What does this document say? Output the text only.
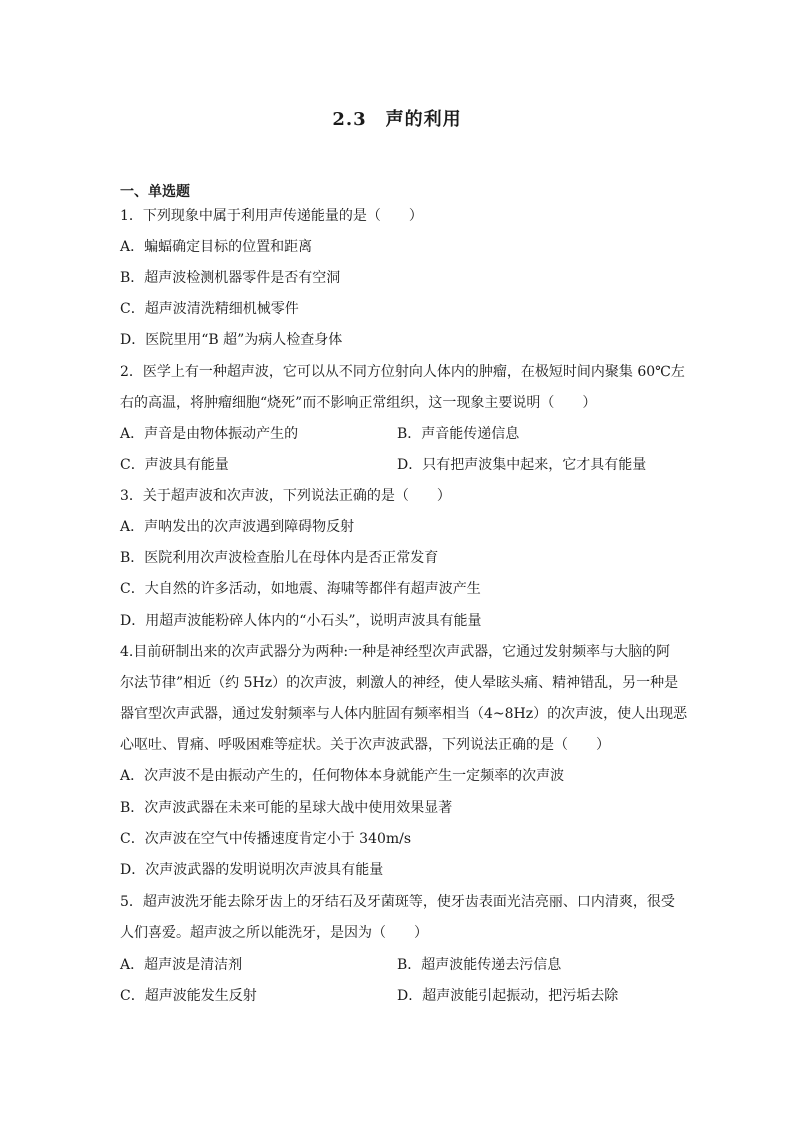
2.3　声的利用
一、单选题
1．下列现象中属于利用声传递能量的是（　　）
A．蝙蝠确定目标的位置和距离
B．超声波检测机器零件是否有空洞
C．超声波清洗精细机械零件
D．医院里用“B 超”为病人检查身体
2．医学上有一种超声波，它可以从不同方位射向人体内的肿瘤，在极短时间内聚集 60℃左
右的高温，将肿瘤细胞“烧死”而不影响正常组织，这一现象主要说明（　　）
A．声音是由物体振动产生的	B．声音能传递信息
C．声波具有能量	D．只有把声波集中起来，它才具有能量
3．关于超声波和次声波，下列说法正确的是（　　）
A．声呐发出的次声波遇到障碍物反射
B．医院利用次声波检查胎儿在母体内是否正常发育
C．大自然的许多活动，如地震、海啸等都伴有超声波产生
D．用超声波能粉碎人体内的“小石头”，说明声波具有能量
4.目前研制出来的次声武器分为两种:一种是神经型次声武器，它通过发射频率与大脑的阿
尔法节律”相近（约 5Hz）的次声波，刺激人的神经，使人晕眩头痛、精神错乱，另一种是
器官型次声武器，通过发射频率与人体内脏固有频率相当（4~8Hz）的次声波，使人出现恶
心呕吐、胃痛、呼吸困难等症状。关于次声波武器，下列说法正确的是（　　）
A．次声波不是由振动产生的，任何物体本身就能产生一定频率的次声波
B．次声波武器在未来可能的星球大战中使用效果显著
C．次声波在空气中传播速度肯定小于 340m/s
D．次声波武器的发明说明次声波具有能量
5．超声波洗牙能去除牙齿上的牙结石及牙菌斑等，使牙齿表面光洁亮丽、口内清爽，很受
人们喜爱。超声波之所以能洗牙，是因为（　　）
A．超声波是清洁剂	B．超声波能传递去污信息
C．超声波能发生反射	D．超声波能引起振动，把污垢去除
